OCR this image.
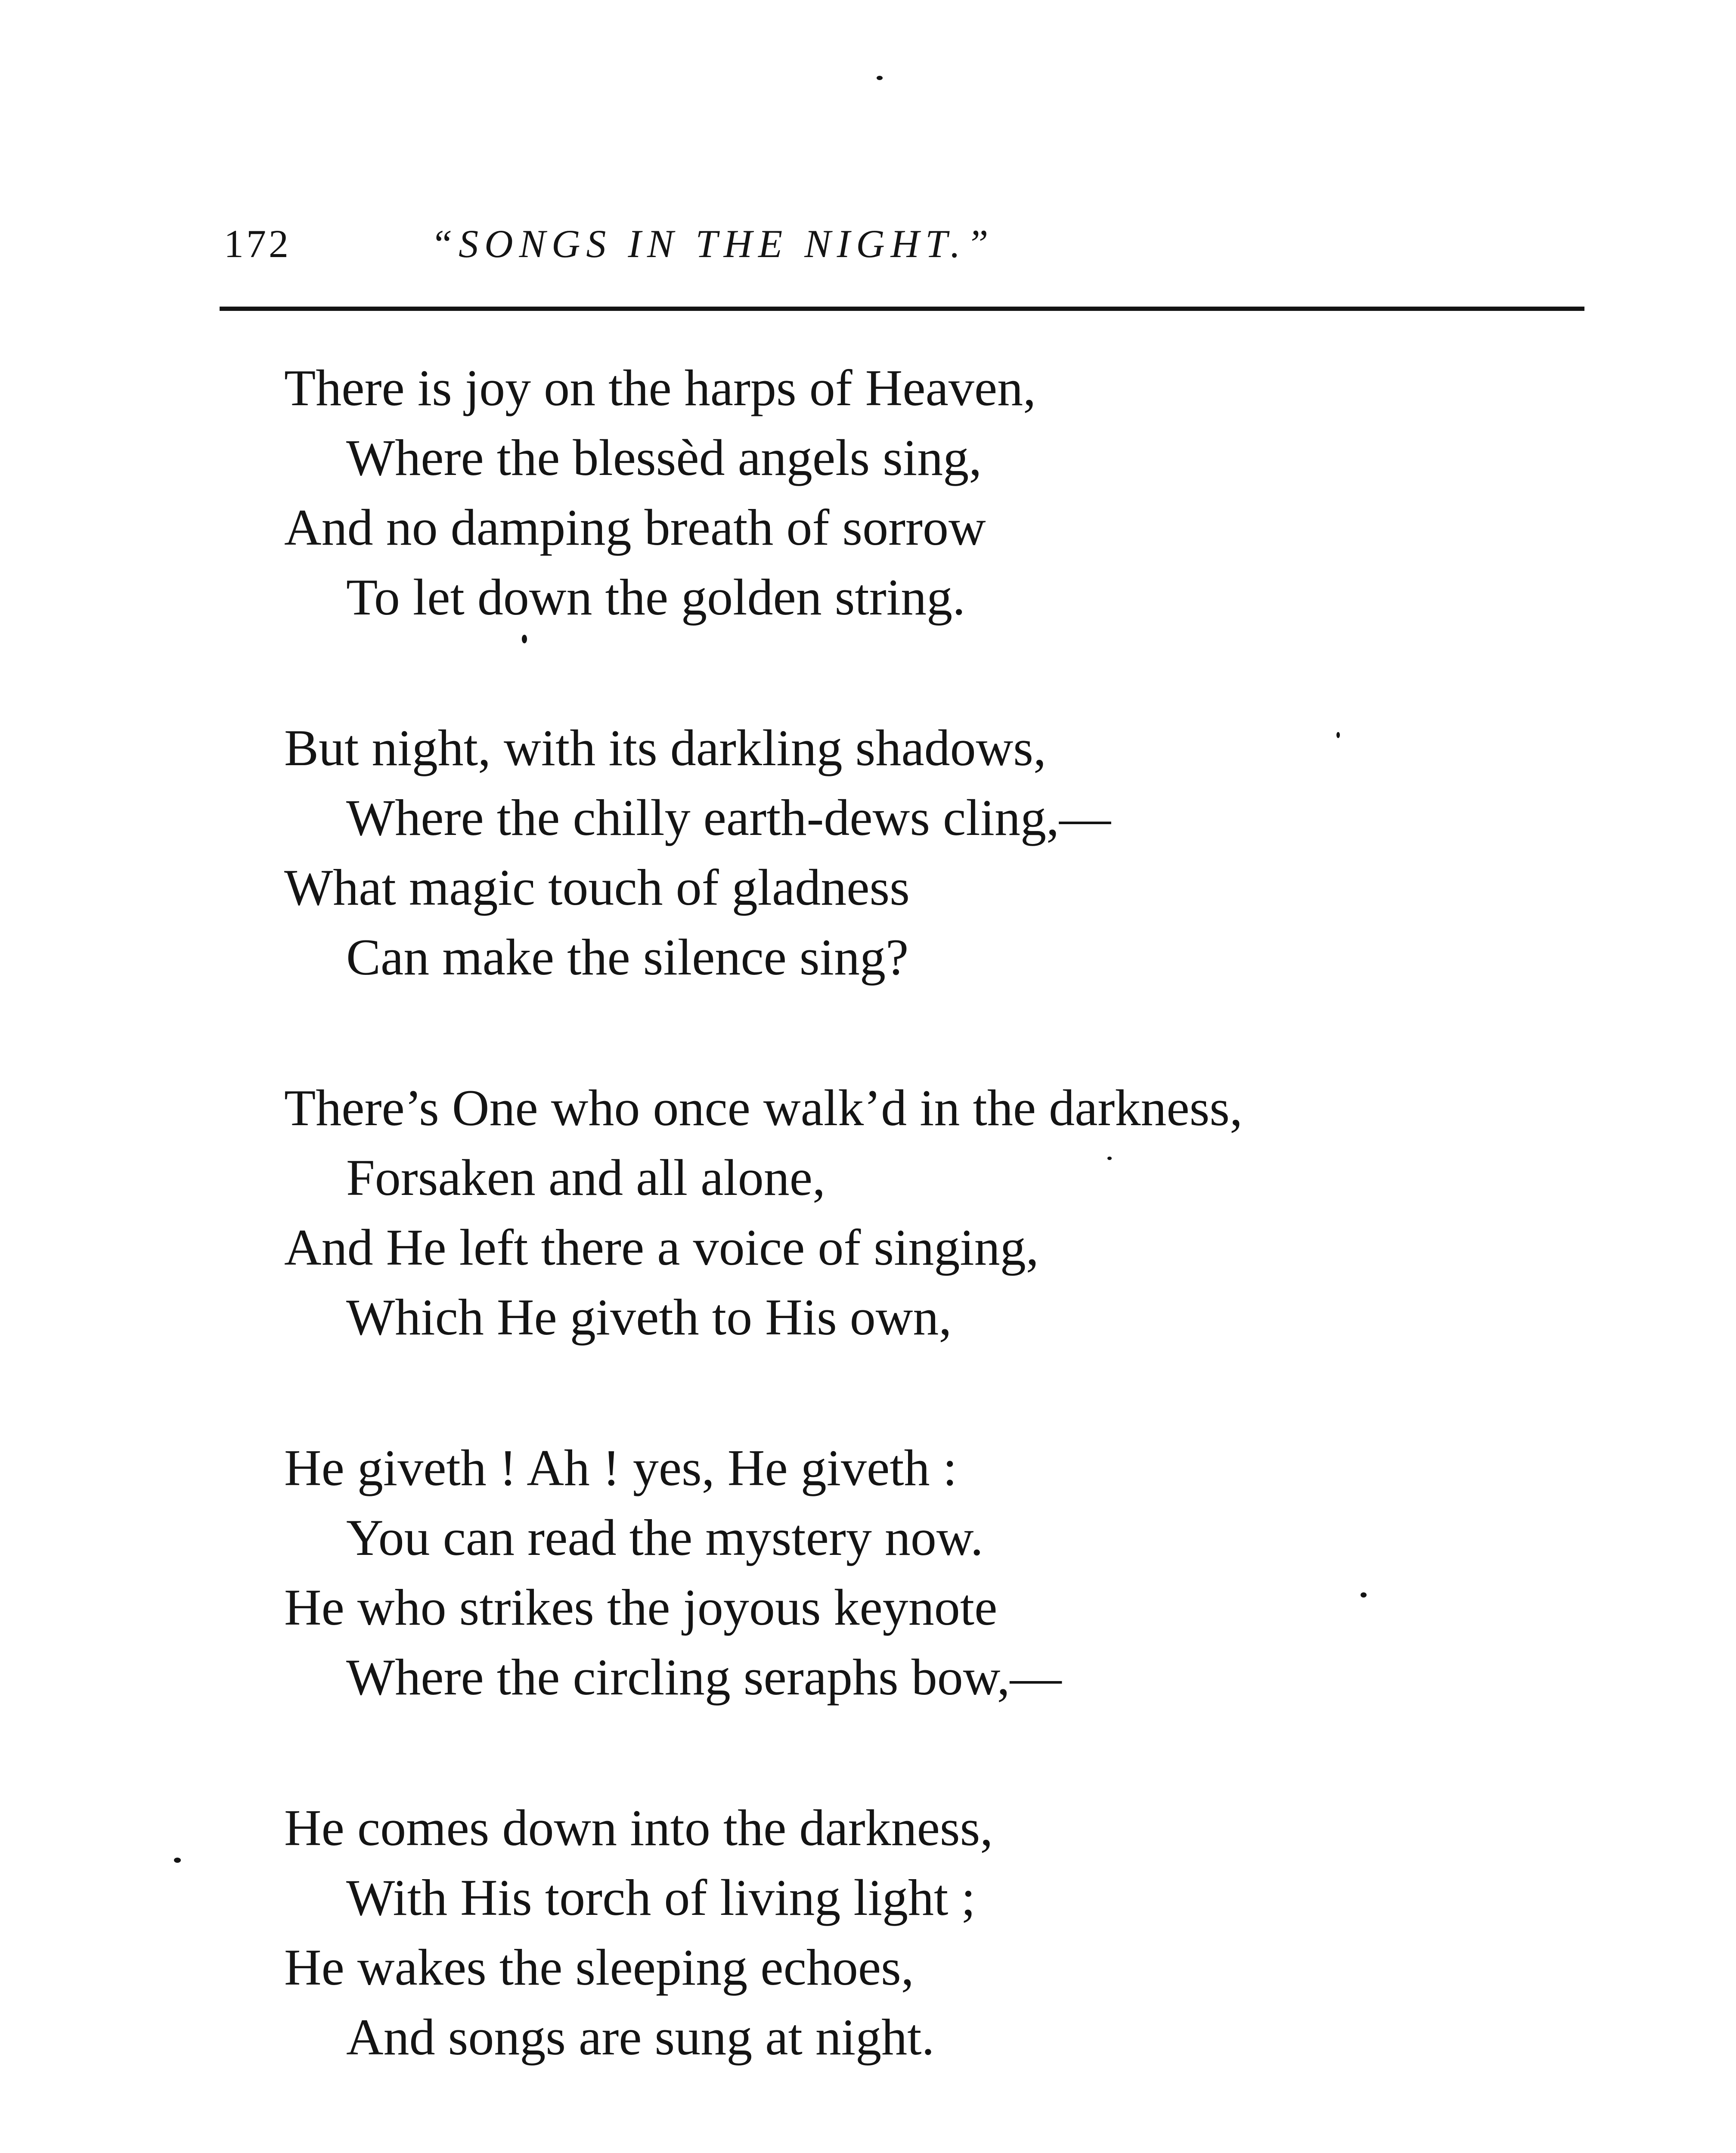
172	“SONGS IN THE NIGHT.”
There is joy on the harps of Heaven,
Where the blessèd angels sing,
And no damping breath of sorrow
To let down the golden string.
But night, with its darkling shadows,
Where the chilly earth-dews cling,—
What magic touch of gladness
Can make the silence sing?
There’s One who once walk’d in the darkness,
Forsaken and all alone,
And He left there a voice of singing,
Which He giveth to His own,
He giveth ! Ah ! yes, He giveth :
You can read the mystery now.
He who strikes the joyous keynote
Where the circling seraphs bow,—
He comes down into the darkness,
With His torch of living light ;
He wakes the sleeping echoes,
And songs are sung at night.
